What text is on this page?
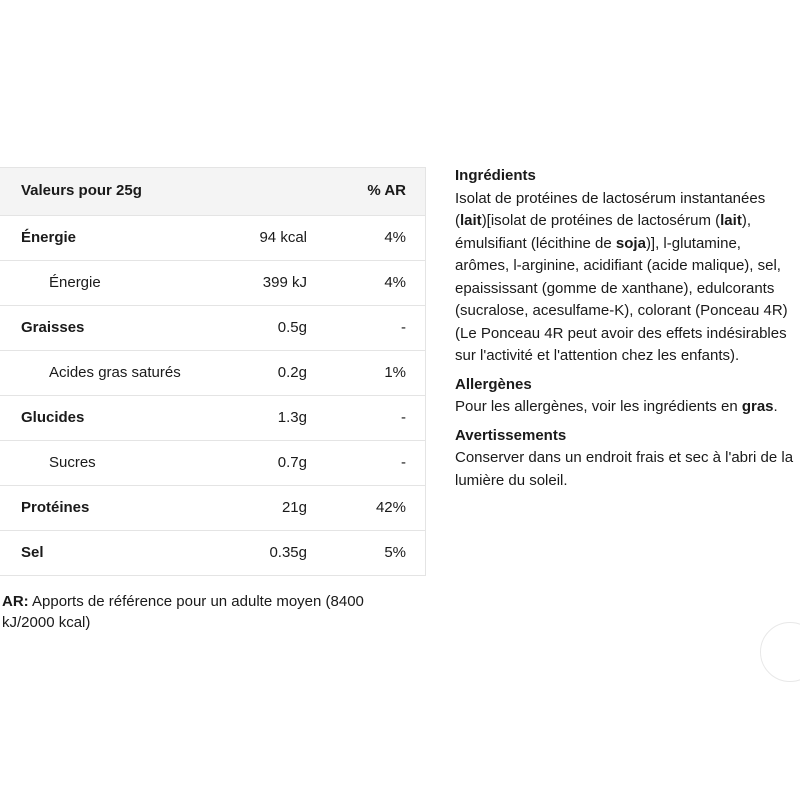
Valeurs pour 25g	% AR
Énergie	94 kcal	4%
Énergie	399 kJ	4%
Graisses	0.5g	-
Acides gras saturés	0.2g	1%
Glucides	1.3g	-
Sucres	0.7g	-
Protéines	21g	42%
Sel	0.35g	5%
AR: Apports de référence pour un adulte moyen (8400 kJ/2000 kcal)
Ingrédients

Isolat de protéines de lactosérum instantanées (lait)[isolat de protéines de lactosérum (lait), émulsifiant (lécithine de soja)], l-glutamine, arômes, l-arginine, acidifiant (acide malique), sel, epaississant (gomme de xanthane), edulcorants (sucralose, acesulfame-K), colorant (Ponceau 4R)(Le Ponceau 4R peut avoir des effets indésirables sur l'activité et l'attention chez les enfants).

Allergènes

Pour les allergènes, voir les ingrédients en gras.

Avertissements

Conserver dans un endroit frais et sec à l'abri de la lumière du soleil.
